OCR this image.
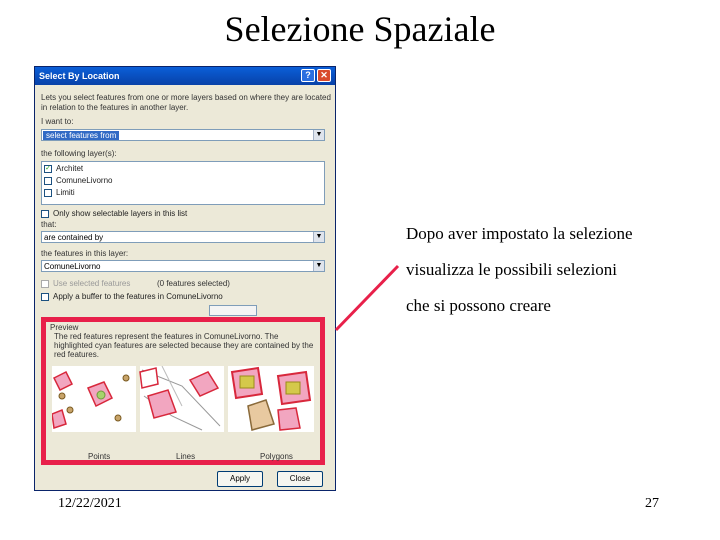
Selezione Spaziale
Select By Location	?	✕
Lets you select features from one or more layers based on where they are located in relation to the features in another layer.
I want to:
select features from	▼
the following layer(s):
✓ Architet
ComuneLivorno
Limiti
Only show selectable layers in this list
that:
are contained by	▼
the features in this layer:
ComuneLivorno	▼
Use selected features	(0 features selected)
Apply a buffer to the features in ComuneLivorno
Preview
The red features represent the features in ComuneLivorno. The highlighted cyan features are selected because they are contained by the red features.
Points	Lines	Polygons
Apply	Close
Dopo aver impostato la selezione
visualizza le possibili selezioni
che si possono creare
12/22/2021	27
